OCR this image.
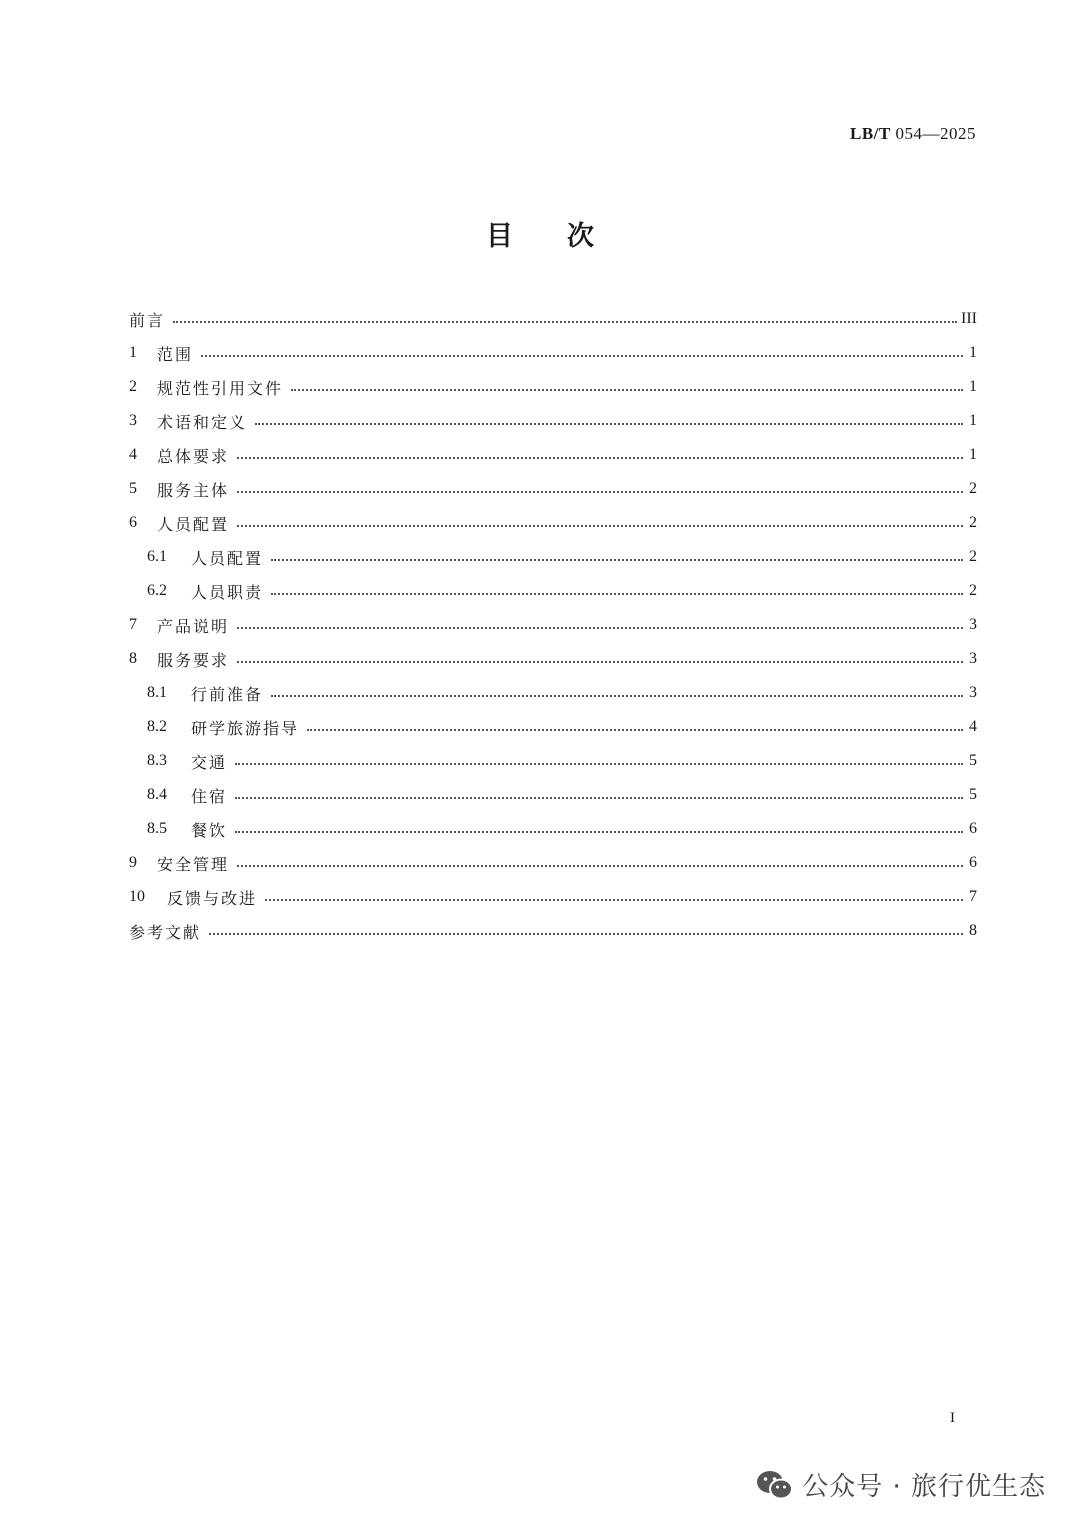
LB/T 054—2025
目 次
前言	III
1	范围	1
2	规范性引用文件	1
3	术语和定义	1
4	总体要求	1
5	服务主体	2
6	人员配置	2
6.1	人员配置	2
6.2	人员职责	2
7	产品说明	3
8	服务要求	3
8.1	行前准备	3
8.2	研学旅游指导	4
8.3	交通	5
8.4	住宿	5
8.5	餐饮	6
9	安全管理	6
10	反馈与改进	7
参考文献	8
I
公众号 · 旅行优生态
